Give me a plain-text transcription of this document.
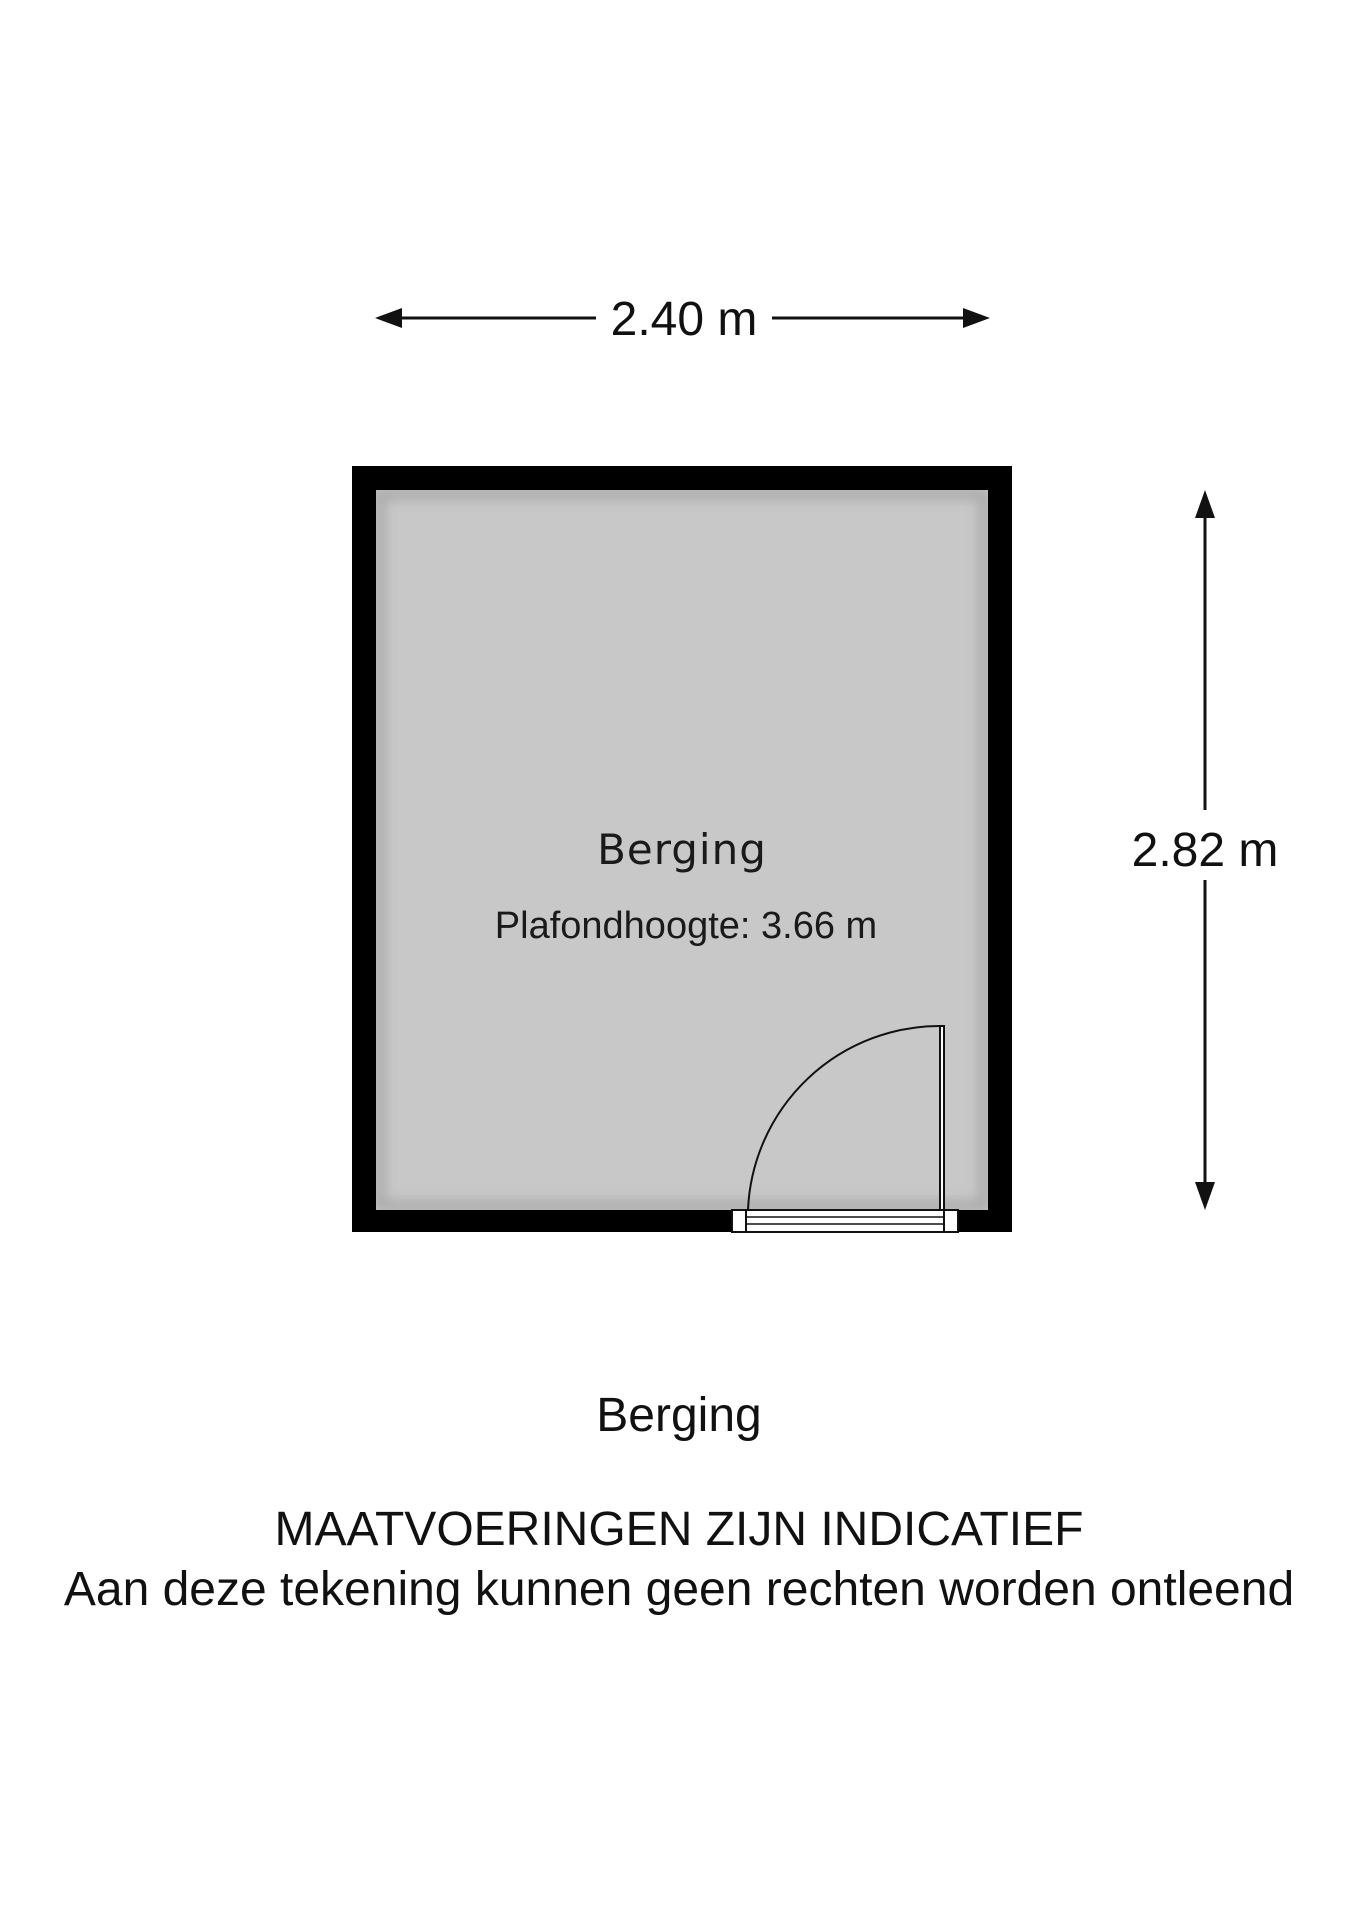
2.40 m
2.82 m
Berging
Plafondhoogte: 3.66 m
Berging
MAATVOERINGEN ZIJN INDICATIEF
Aan deze tekening kunnen geen rechten worden ontleend
